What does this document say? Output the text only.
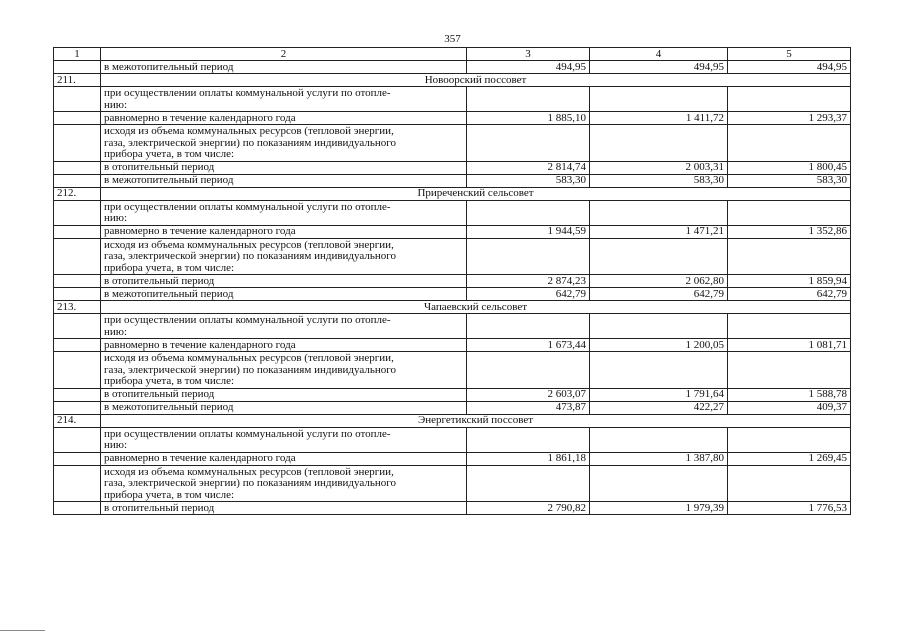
357
1	2	3	4	5
	в межотопительный период	494,95	494,95	494,95
211.	Новоорский поссовет			
	при осуществлении оплаты коммунальной услуги по отопле-
нию:			
	равномерно в течение календарного года	1 885,10	1 411,72	1 293,37
	исходя из объема коммунальных ресурсов (тепловой энергии,
газа, электрической энергии) по показаниям индивидуального
прибора учета, в том числе:			
	в отопительный период	2 814,74	2 003,31	1 800,45
	в межотопительный период	583,30	583,30	583,30
212.	Приреченский сельсовет			
	при осуществлении оплаты коммунальной услуги по отопле-
нию:			
	равномерно в течение календарного года	1 944,59	1 471,21	1 352,86
	исходя из объема коммунальных ресурсов (тепловой энергии,
газа, электрической энергии) по показаниям индивидуального
прибора учета, в том числе:			
	в отопительный период	2 874,23	2 062,80	1 859,94
	в межотопительный период	642,79	642,79	642,79
213.	Чапаевский сельсовет			
	при осуществлении оплаты коммунальной услуги по отопле-
нию:			
	равномерно в течение календарного года	1 673,44	1 200,05	1 081,71
	исходя из объема коммунальных ресурсов (тепловой энергии,
газа, электрической энергии) по показаниям индивидуального
прибора учета, в том числе:			
	в отопительный период	2 603,07	1 791,64	1 588,78
	в межотопительный период	473,87	422,27	409,37
214.	Энергетикский поссовет			
	при осуществлении оплаты коммунальной услуги по отопле-
нию:			
	равномерно в течение календарного года	1 861,18	1 387,80	1 269,45
	исходя из объема коммунальных ресурсов (тепловой энергии,
газа, электрической энергии) по показаниям индивидуального
прибора учета, в том числе:			
	в отопительный период	2 790,82	1 979,39	1 776,53
